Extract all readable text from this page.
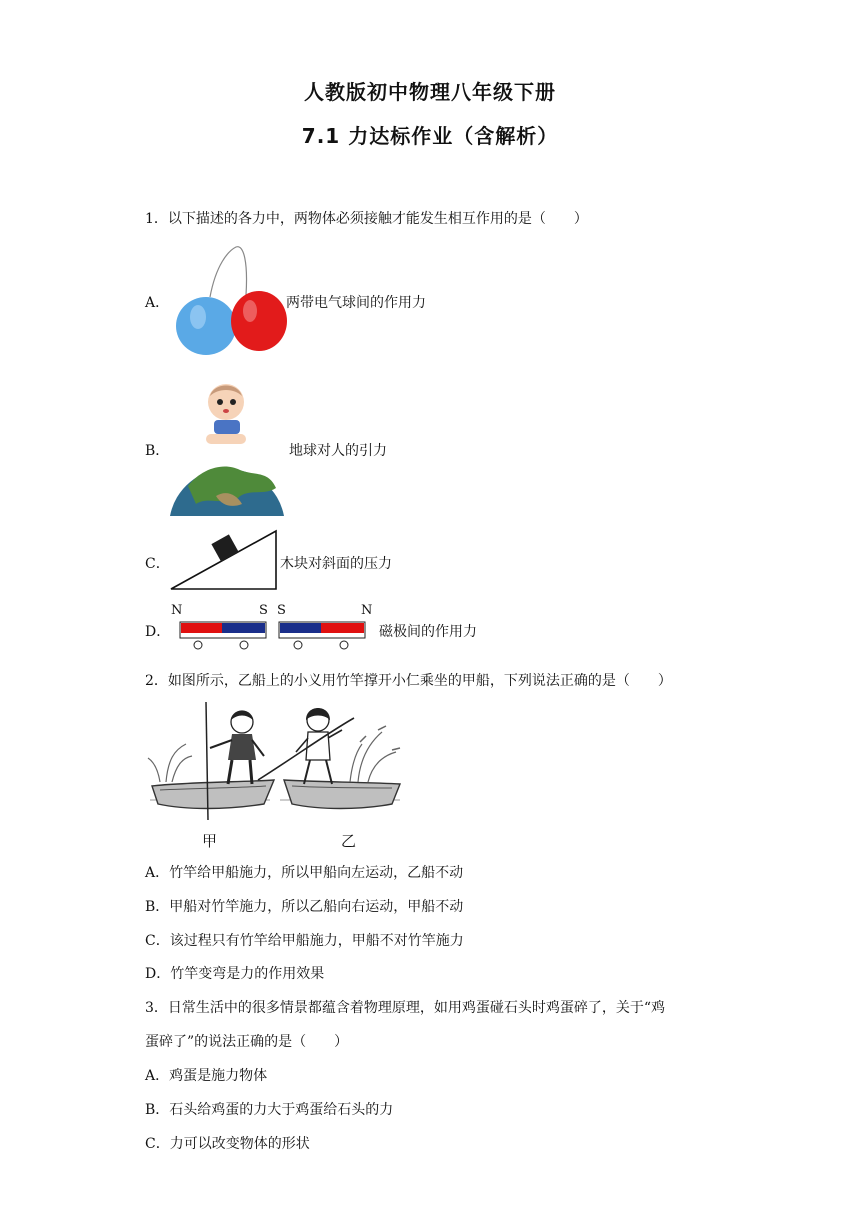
人教版初中物理八年级下册
7.1 力达标作业（含解析）
1．以下描述的各力中，两物体必须接触才能发生相互作用的是（　　）
A．	两带电气球间的作用力
B．	地球对人的引力
C．	木块对斜面的压力
D．
N	S S	N
磁极间的作用力
2．如图所示，乙船上的小义用竹竿撑开小仁乘坐的甲船，下列说法正确的是（　　）
甲	乙
A．竹竿给甲船施力，所以甲船向左运动，乙船不动
B．甲船对竹竿施力，所以乙船向右运动，甲船不动
C．该过程只有竹竿给甲船施力，甲船不对竹竿施力
D．竹竿变弯是力的作用效果
3．日常生活中的很多情景都蕴含着物理原理，如用鸡蛋碰石头时鸡蛋碎了，关于“鸡
蛋碎了”的说法正确的是（　　）
A．鸡蛋是施力物体
B．石头给鸡蛋的力大于鸡蛋给石头的力
C．力可以改变物体的形状
